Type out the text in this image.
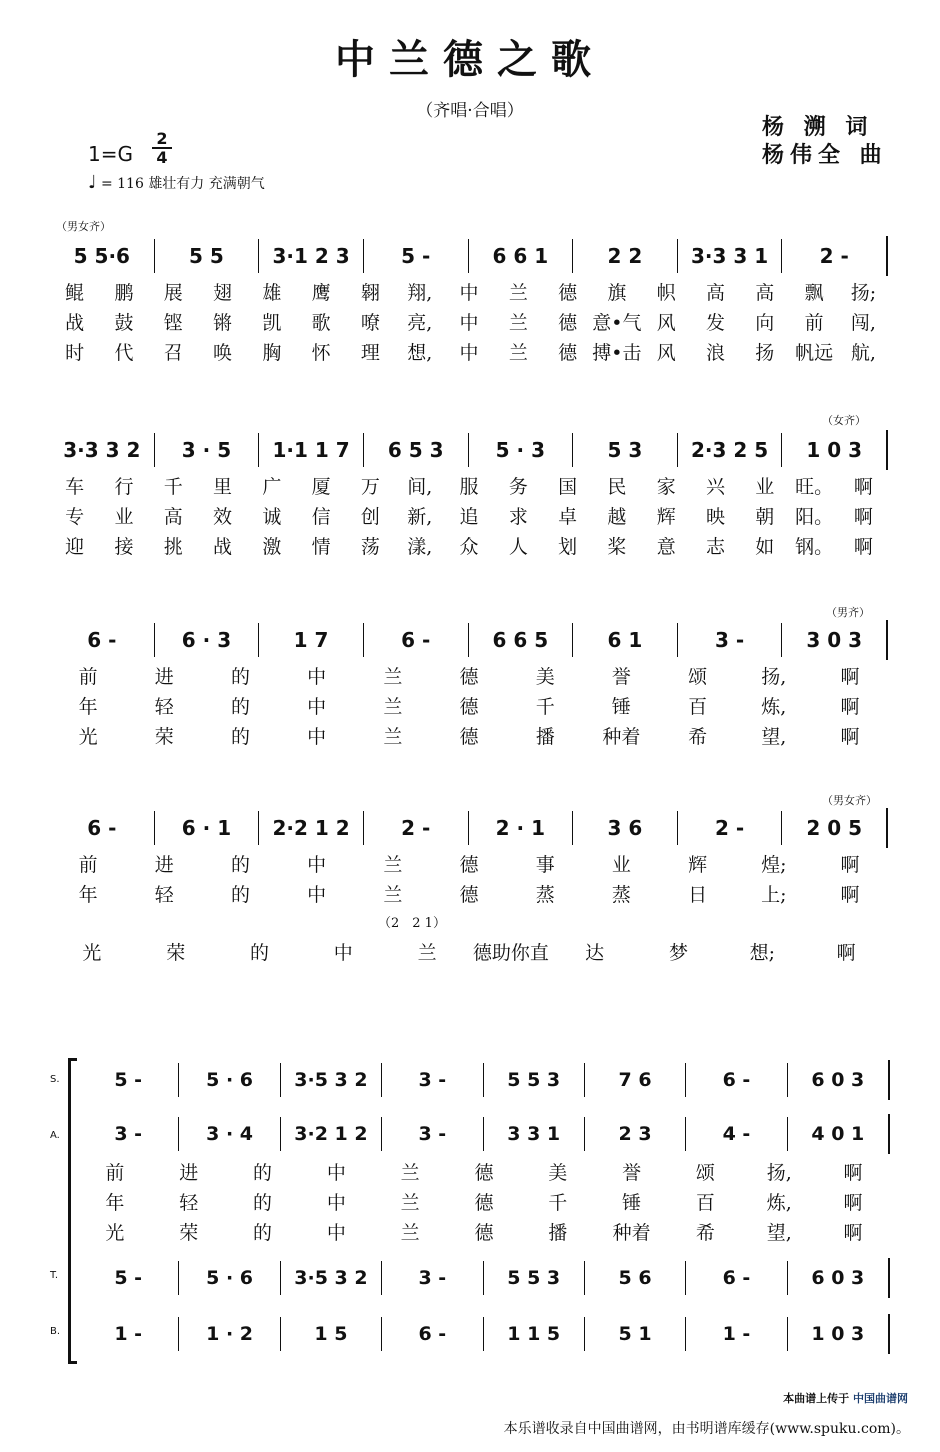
中兰德之歌
（齐唱·合唱）
杨 溯 词
杨伟全 曲
1=G
2
4
♩ = 116 雄壮有力 充满朝气
（男女齐）
（女齐）
（男齐）
（男女齐）
（2　2 1）
5 5·6	5 5	3·1 2 3	5 -	6 6 1	2 2	3·3 3 1	2 -
鲲	鹏	展	翅	雄	鹰	翱	翔,	中	兰	德	旗	帜	高	高	飘	扬;
战	鼓	铿	锵	凯	歌	嘹	亮,	中	兰	德 意•气 风	发	向	前	闯,
时	代	召	唤	胸	怀	理	想,	中	兰	德 搏•击 风	浪	扬	帆远 航,
3·3 3 2	3 · 5	1·1 1 7	6 5 3	5 · 3	5 3	2·3 2 5	1 0 3
车	行	千	里	广	厦	万	间,	服	务	国	民	家	兴	业	旺。	啊
专	业	高	效	诚	信	创	新,	追	求	卓	越	辉	映	朝	阳。	啊
迎	接	挑	战	激	情	荡	漾,	众	人	划	桨	意	志	如	钢。	啊
6 -	6 · 3	1 7	6 -	6 6 5	6 1	3 -	3 0 3
前	进	的	中	兰	德	美	誉	颂	扬,	啊
年	轻	的	中	兰	德	千	锤	百	炼,	啊
光	荣	的	中	兰	德	播	种着	希	望,	啊
6 -	6 · 1	2·2 1 2	2 -	2 · 1	3 6	2 -	2 0 5
前	进	的	中	兰	德	事	业	辉	煌;	啊
年	轻	的	中	兰	德	蒸	蒸	日	上;	啊
光	荣	的	中	兰	德助你直	达	梦	想;	啊
S.
A.
T.
B.
5 -	5 · 6	3·5 3 2	3 -	5 5 3	7 6	6 -	6 0 3
3 -	3 · 4	3·2 1 2	3 -	3 3 1	2 3	4 -	4 0 1
前	进	的	中	兰	德	美	誉	颂	扬,	啊
年	轻	的	中	兰	德	千	锤	百	炼,	啊
光	荣	的	中	兰	德	播	种着	希	望,	啊
5 -	5 · 6	3·5 3 2	3 -	5 5 3	5 6	6 -	6 0 3
1 -	1 · 2	1 5	6 -	1 1 5	5 1	1 -	1 0 3
本曲谱上传于 中国曲谱网
本乐谱收录自中国曲谱网，由书明谱库缓存(www.spuku.com)。
